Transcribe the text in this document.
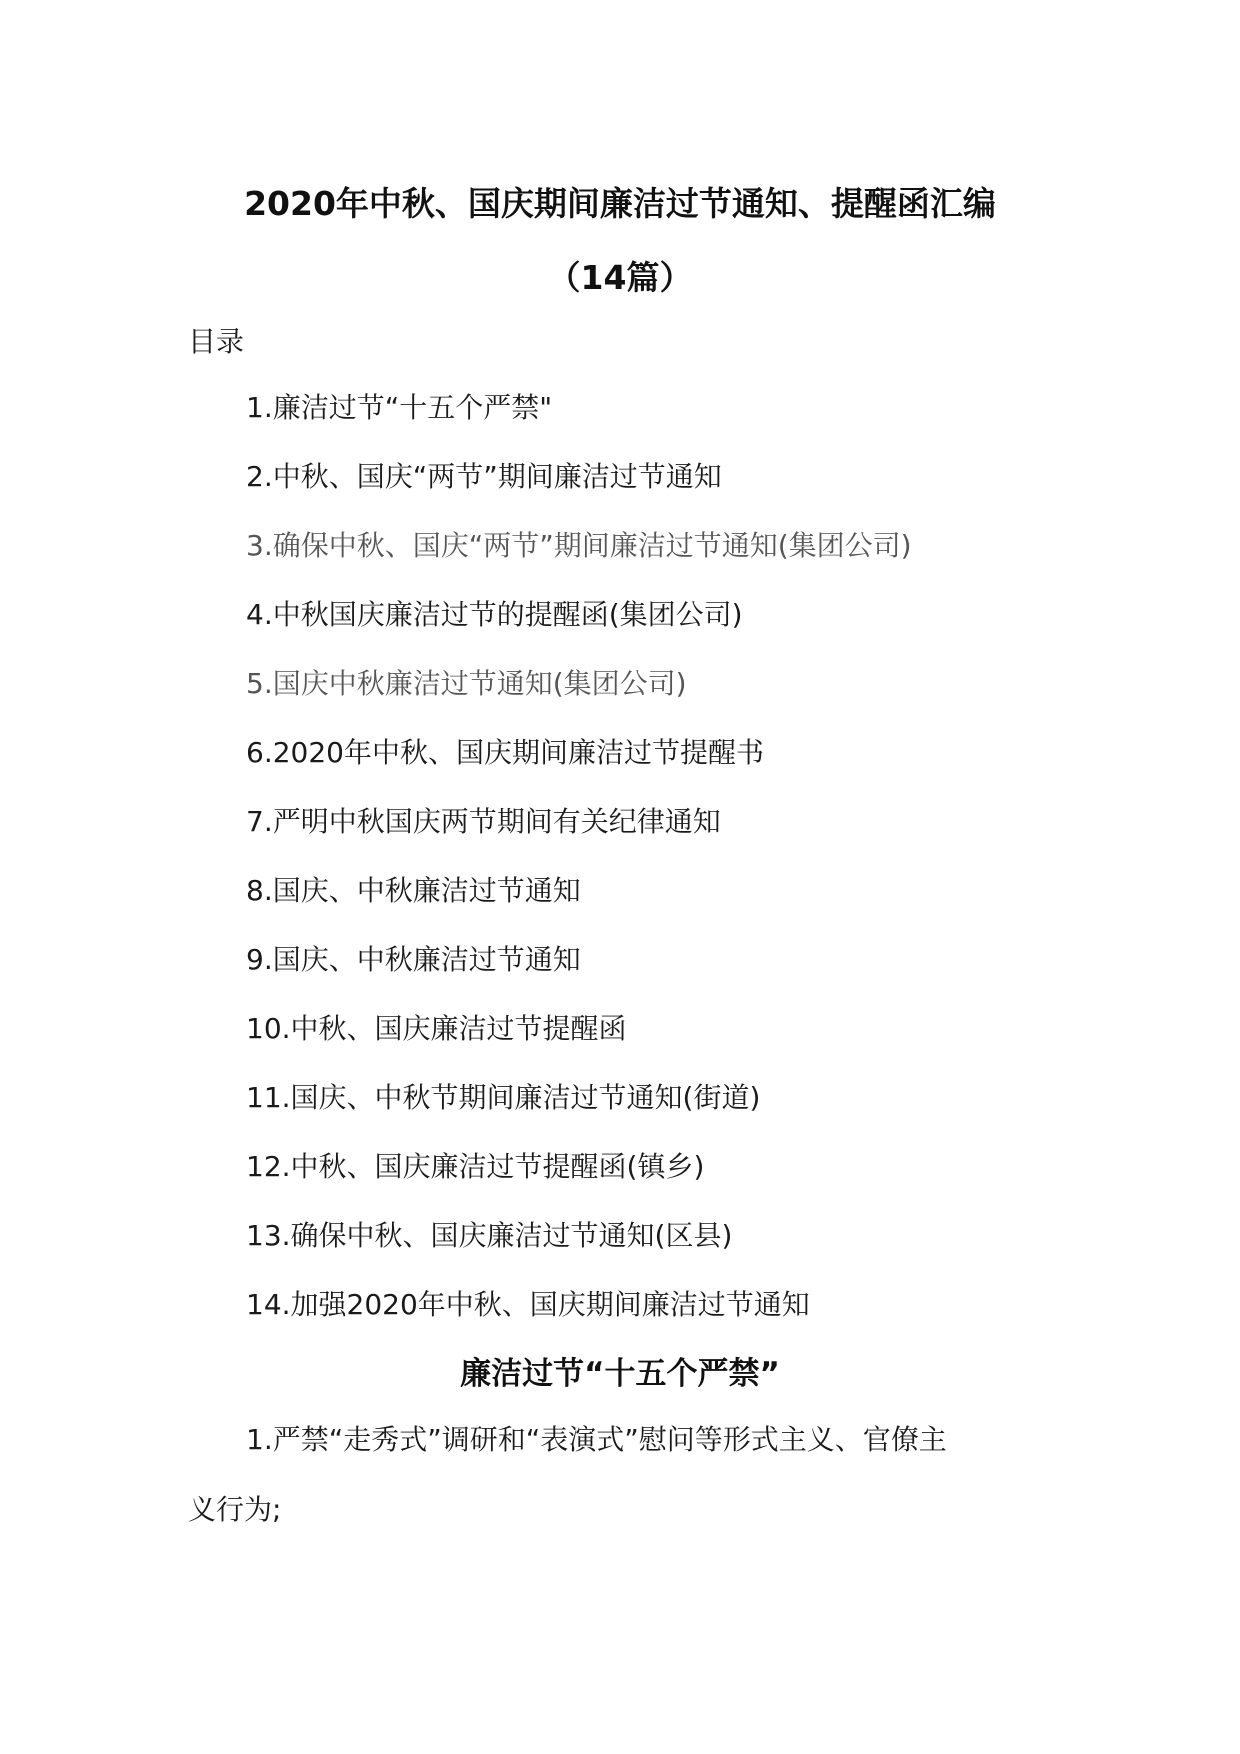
2020年中秋、国庆期间廉洁过节通知、提醒函汇编
（14篇）
目录
1.廉洁过节“十五个严禁"
2.中秋、国庆“两节”期间廉洁过节通知
3.确保中秋、国庆“两节”期间廉洁过节通知(集团公司)
4.中秋国庆廉洁过节的提醒函(集团公司)
5.国庆中秋廉洁过节通知(集团公司)
6.2020年中秋、国庆期间廉洁过节提醒书
7.严明中秋国庆两节期间有关纪律通知
8.国庆、中秋廉洁过节通知
9.国庆、中秋廉洁过节通知
10.中秋、国庆廉洁过节提醒函
11.国庆、中秋节期间廉洁过节通知(街道)
12.中秋、国庆廉洁过节提醒函(镇乡)
13.确保中秋、国庆廉洁过节通知(区县)
14.加强2020年中秋、国庆期间廉洁过节通知
廉洁过节“十五个严禁”
1.严禁“走秀式”调研和“表演式”慰问等形式主义、官僚主
义行为;
